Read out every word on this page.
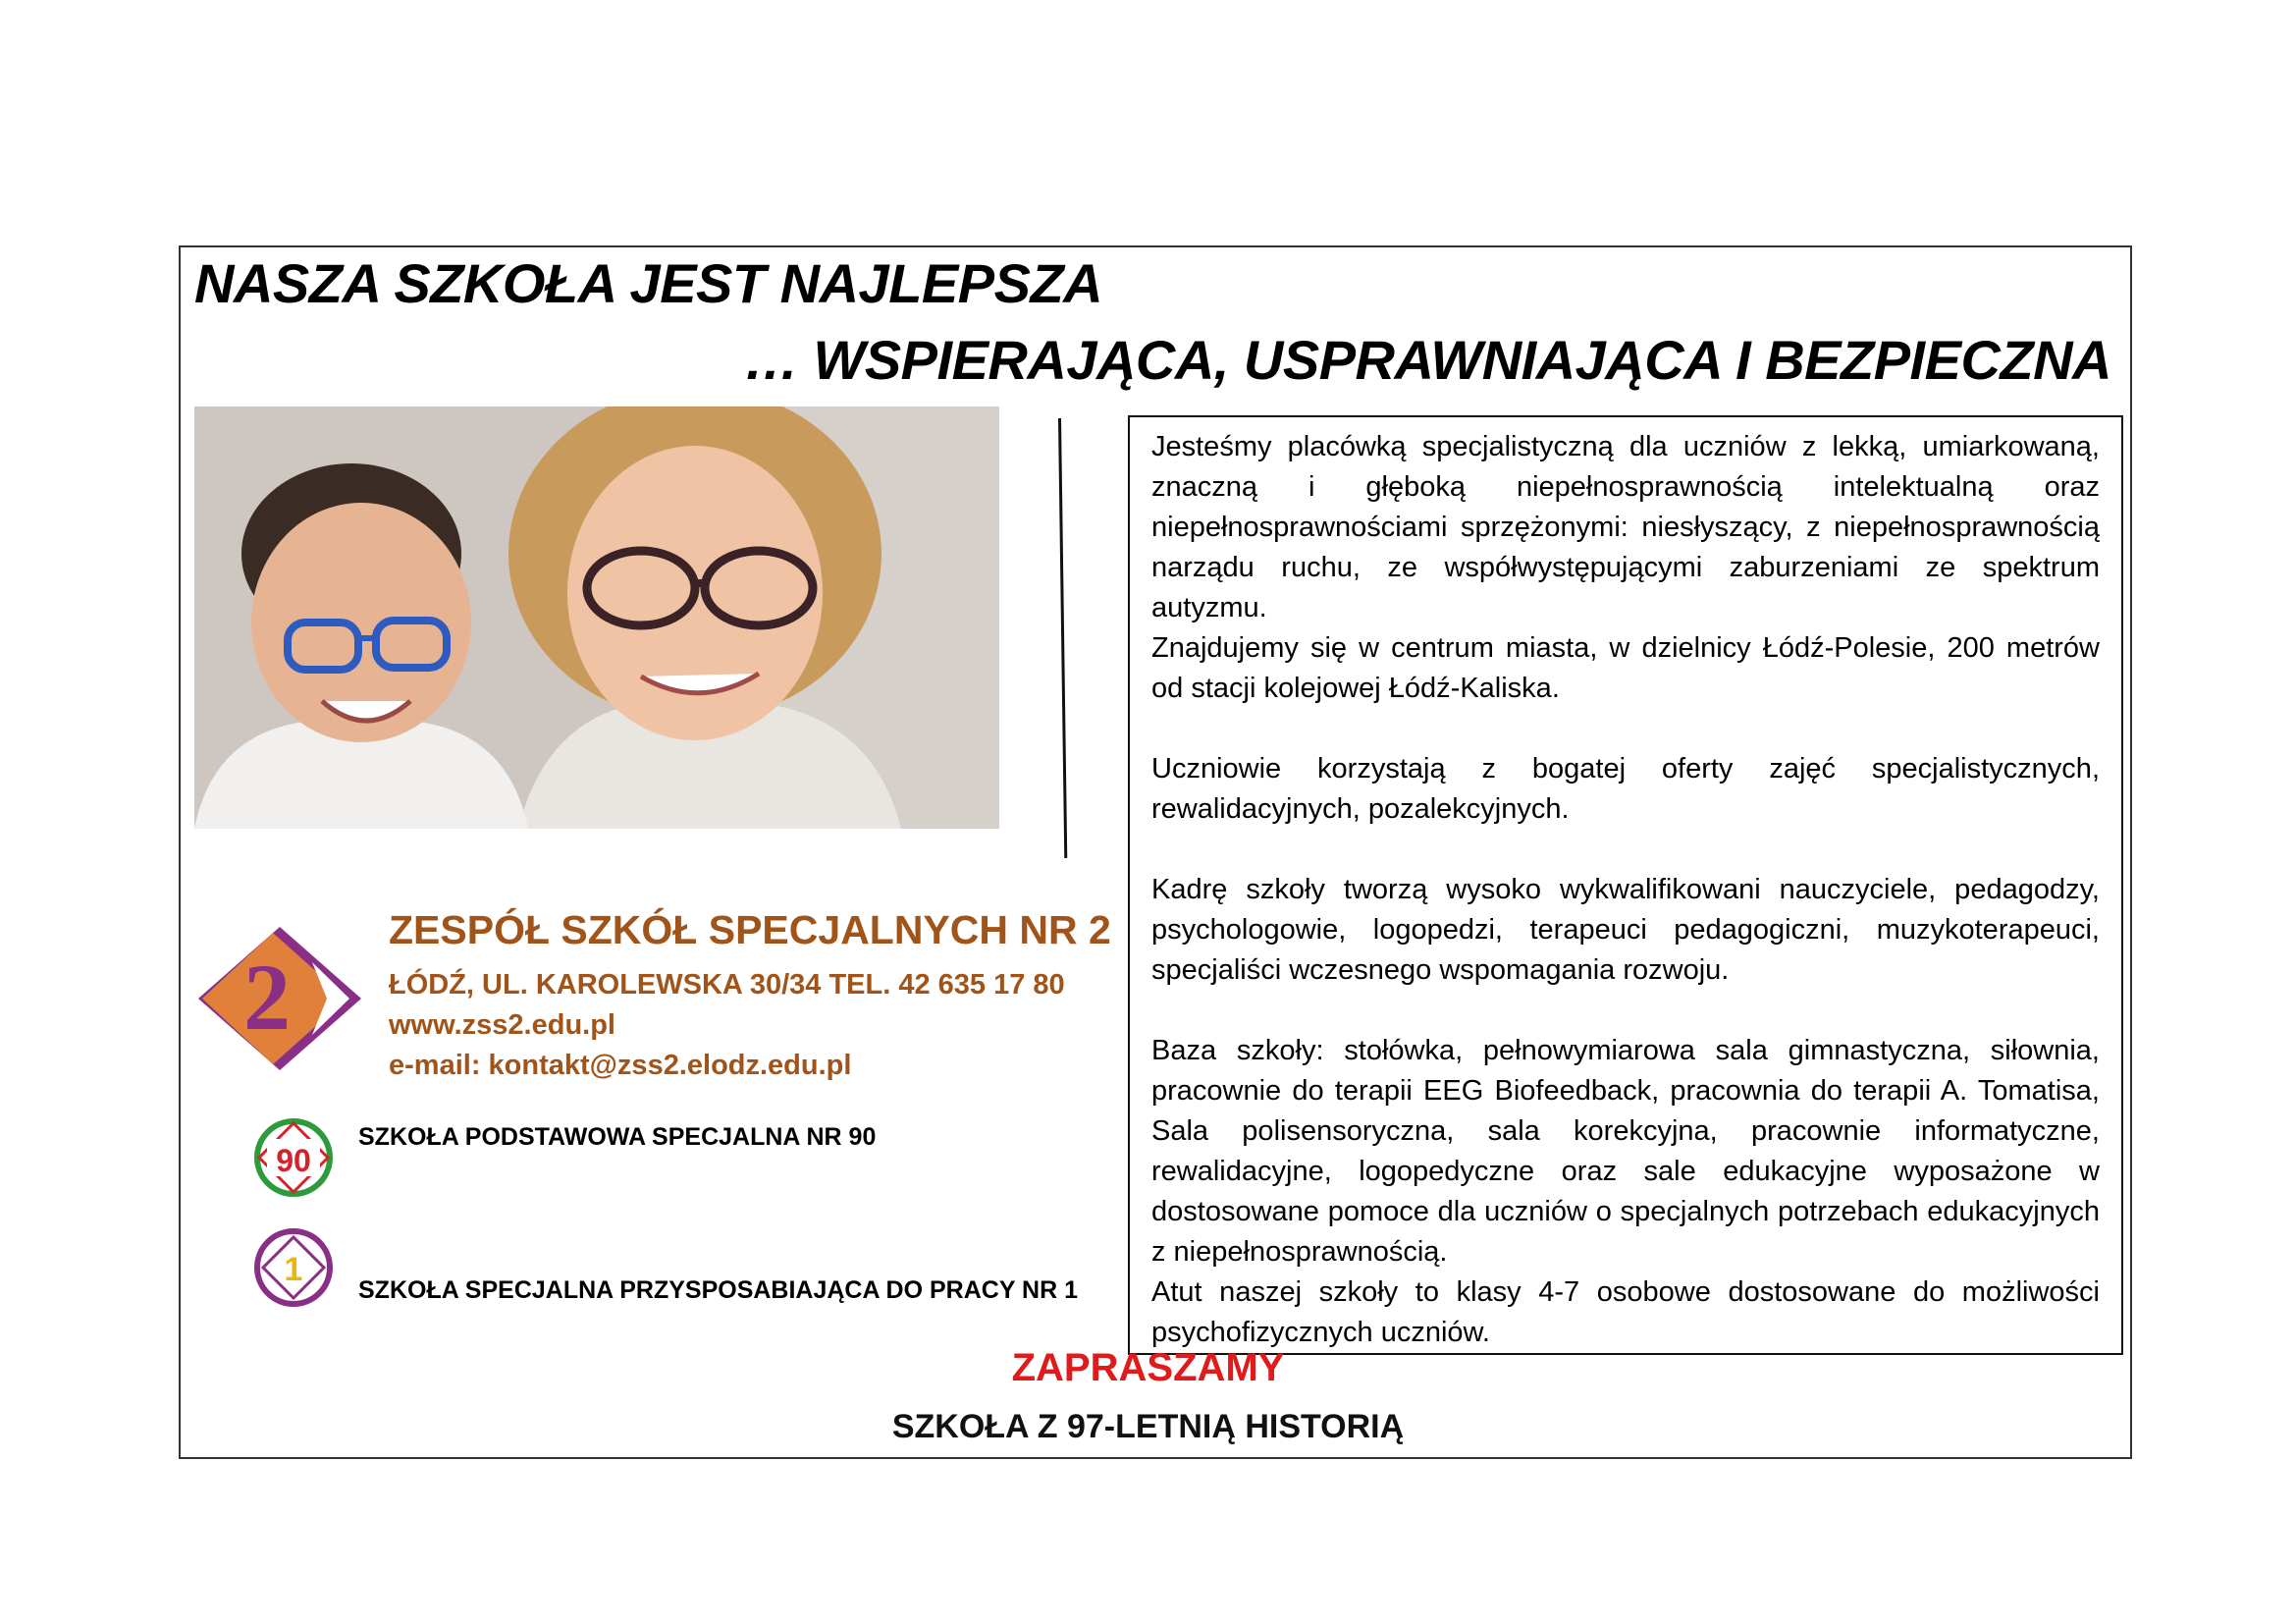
NASZA SZKOŁA JEST NAJLEPSZA
… WSPIERAJĄCA, USPRAWNIAJĄCA I BEZPIECZNA

Jesteśmy placówką specjalistyczną dla uczniów z lekką, umiarkowaną, znaczną i głęboką niepełnosprawnością intelektualną oraz niepełnosprawnościami sprzężonymi: niesłyszący, z niepełnosprawnością narządu ruchu, ze współwystępującymi zaburzeniami ze spektrum autyzmu.

Znajdujemy się w centrum miasta, w dzielnicy Łódź-Polesie, 200 metrów od stacji kolejowej Łódź-Kaliska.

Uczniowie korzystają z bogatej oferty zajęć specjalistycznych, rewalidacyjnych, pozalekcyjnych.

Kadrę szkoły tworzą wysoko wykwalifikowani nauczyciele, pedagodzy, psychologowie, logopedzi, terapeuci pedagogiczni, muzykoterapeuci, specjaliści wczesnego wspomagania rozwoju.

Baza szkoły: stołówka, pełnowymiarowa sala gimnastyczna, siłownia, pracownie do terapii EEG Biofeedback, pracownia do terapii A. Tomatisa, Sala polisensoryczna, sala korekcyjna, pracownie informatyczne, rewalidacyjne, logopedyczne oraz sale edukacyjne wyposażone w dostosowane pomoce dla uczniów o specjalnych potrzebach edukacyjnych z niepełnosprawnością.

Atut naszej szkoły to klasy 4-7 osobowe dostosowane do możliwości psychofizycznych uczniów.

2
ZESPÓŁ SZKÓŁ SPECJALNYCH NR 2
ŁÓDŹ, UL. KAROLEWSKA 30/34 TEL. 42 635 17 80
www.zss2.edu.pl
e-mail: kontakt@zss2.elodz.edu.pl
90
SZKOŁA PODSTAWOWA SPECJALNA NR 90
1
SZKOŁA SPECJALNA PRZYSPOSABIAJĄCA DO PRACY NR 1
ZAPRASZAMY
SZKOŁA Z 97-LETNIĄ HISTORIĄ
